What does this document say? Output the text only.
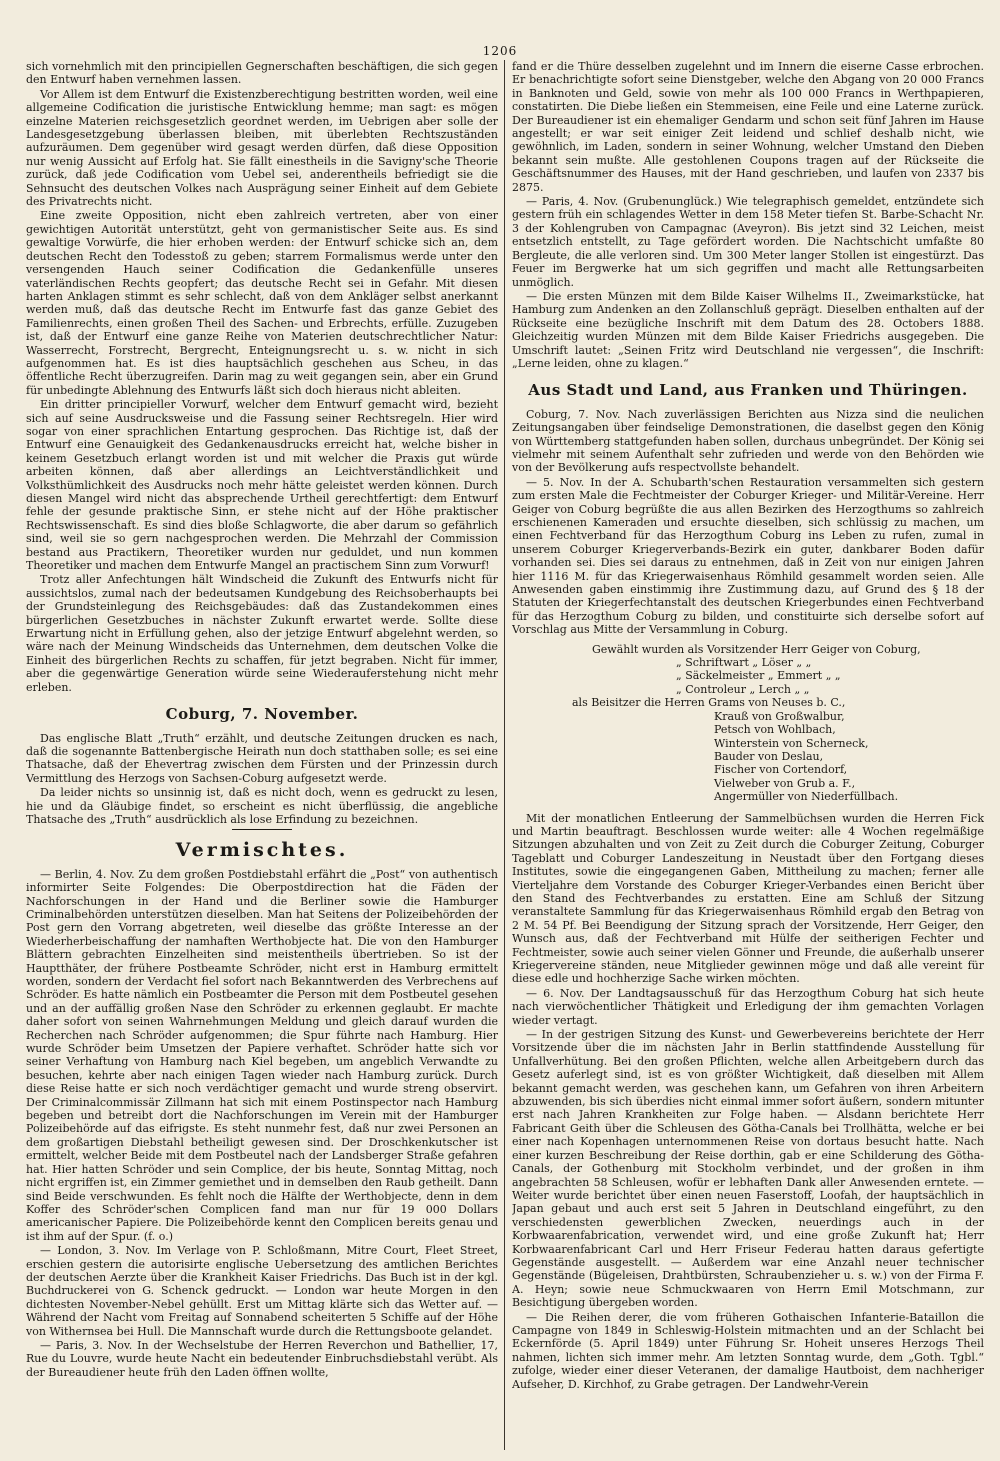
1206

sich vornehmlich mit den principiellen Gegnerschaften beschäftigen, die sich gegen den Entwurf haben vernehmen lassen.

Vor Allem ist dem Entwurf die Existenzberechtigung bestritten worden, weil eine allgemeine Codification die juristische Entwicklung hemme; man sagt: es mögen einzelne Materien reichsgesetzlich geordnet werden, im Uebrigen aber solle der Landesgesetzgebung überlassen bleiben, mit überlebten Rechtszuständen aufzuräumen. Dem gegenüber wird gesagt werden dürfen, daß diese Opposition nur wenig Aussicht auf Erfolg hat. Sie fällt einestheils in die Savigny'sche Theorie zurück, daß jede Codification vom Uebel sei, anderentheils befriedigt sie die Sehnsucht des deutschen Volkes nach Ausprägung seiner Einheit auf dem Gebiete des Privatrechts nicht.

Eine zweite Opposition, nicht eben zahlreich vertreten, aber von einer gewichtigen Autorität unterstützt, geht von germanistischer Seite aus. Es sind gewaltige Vorwürfe, die hier erhoben werden: der Entwurf schicke sich an, dem deutschen Recht den Todesstoß zu geben; starrem Formalismus werde unter den versengenden Hauch seiner Codification die Gedankenfülle unseres vaterländischen Rechts geopfert; das deutsche Recht sei in Gefahr. Mit diesen harten Anklagen stimmt es sehr schlecht, daß von dem Ankläger selbst anerkannt werden muß, daß das deutsche Recht im Entwurfe fast das ganze Gebiet des Familienrechts, einen großen Theil des Sachen- und Erbrechts, erfülle. Zuzugeben ist, daß der Entwurf eine ganze Reihe von Materien deutschrechtlicher Natur: Wasserrecht, Forstrecht, Bergrecht, Enteignungsrecht u. s. w. nicht in sich aufgenommen hat. Es ist dies hauptsächlich geschehen aus Scheu, in das öffentliche Recht überzugreifen. Darin mag zu weit gegangen sein, aber ein Grund für unbedingte Ablehnung des Entwurfs läßt sich doch hieraus nicht ableiten.

Ein dritter principieller Vorwurf, welcher dem Entwurf gemacht wird, bezieht sich auf seine Ausdrucksweise und die Fassung seiner Rechtsregeln. Hier wird sogar von einer sprachlichen Entartung gesprochen. Das Richtige ist, daß der Entwurf eine Genauigkeit des Gedankenausdrucks erreicht hat, welche bisher in keinem Gesetzbuch erlangt worden ist und mit welcher die Praxis gut würde arbeiten können, daß aber allerdings an Leichtverständlichkeit und Volksthümlichkeit des Ausdrucks noch mehr hätte geleistet werden können. Durch diesen Mangel wird nicht das absprechende Urtheil gerechtfertigt: dem Entwurf fehle der gesunde praktische Sinn, er stehe nicht auf der Höhe praktischer Rechtswissenschaft. Es sind dies bloße Schlagworte, die aber darum so gefährlich sind, weil sie so gern nachgesprochen werden. Die Mehrzahl der Commission bestand aus Practikern, Theoretiker wurden nur geduldet, und nun kommen Theoretiker und machen dem Entwurfe Mangel an practischem Sinn zum Vorwurf!

Trotz aller Anfechtungen hält Windscheid die Zukunft des Entwurfs nicht für aussichtslos, zumal nach der bedeutsamen Kundgebung des Reichsoberhaupts bei der Grundsteinlegung des Reichsgebäudes: daß das Zustandekommen eines bürgerlichen Gesetzbuches in nächster Zukunft erwartet werde. Sollte diese Erwartung nicht in Erfüllung gehen, also der jetzige Entwurf abgelehnt werden, so wäre nach der Meinung Windscheids das Unternehmen, dem deutschen Volke die Einheit des bürgerlichen Rechts zu schaffen, für jetzt begraben. Nicht für immer, aber die gegenwärtige Generation würde seine Wiederauferstehung nicht mehr erleben.

Coburg, 7. November.

Das englische Blatt „Truth“ erzählt, und deutsche Zeitungen drucken es nach, daß die sogenannte Battenbergische Heirath nun doch statthaben solle; es sei eine Thatsache, daß der Ehevertrag zwischen dem Fürsten und der Prinzessin durch Vermittlung des Herzogs von Sachsen-Coburg aufgesetzt werde.

Da leider nichts so unsinnig ist, daß es nicht doch, wenn es gedruckt zu lesen, hie und da Gläubige findet, so erscheint es nicht überflüssig, die angebliche Thatsache des „Truth“ ausdrücklich als lose Erfindung zu bezeichnen.

Vermischtes.

— Berlin, 4. Nov. Zu dem großen Postdiebstahl erfährt die „Post“ von authentisch informirter Seite Folgendes: Die Oberpostdirection hat die Fäden der Nachforschungen in der Hand und die Berliner sowie die Hamburger Criminalbehörden unterstützen dieselben. Man hat Seitens der Polizeibehörden der Post gern den Vorrang abgetreten, weil dieselbe das größte Interesse an der Wiederherbeischaffung der namhaften Werthobjecte hat. Die von den Hamburger Blättern gebrachten Einzelheiten sind meistentheils übertrieben. So ist der Hauptthäter, der frühere Postbeamte Schröder, nicht erst in Hamburg ermittelt worden, sondern der Verdacht fiel sofort nach Bekanntwerden des Verbrechens auf Schröder. Es hatte nämlich ein Postbeamter die Person mit dem Postbeutel gesehen und an der auffällig großen Nase den Schröder zu erkennen geglaubt. Er machte daher sofort von seinen Wahrnehmungen Meldung und gleich darauf wurden die Recherchen nach Schröder aufgenommen; die Spur führte nach Hamburg. Hier wurde Schröder beim Umsetzen der Papiere verhaftet. Schröder hatte sich vor seiner Verhaftung von Hamburg nach Kiel begeben, um angeblich Verwandte zu besuchen, kehrte aber nach einigen Tagen wieder nach Hamburg zurück. Durch diese Reise hatte er sich noch verdächtiger gemacht und wurde streng observirt. Der Criminalcommissär Zillmann hat sich mit einem Postinspector nach Hamburg begeben und betreibt dort die Nachforschungen im Verein mit der Hamburger Polizeibehörde auf das eifrigste. Es steht nunmehr fest, daß nur zwei Personen an dem großartigen Diebstahl betheiligt gewesen sind. Der Droschkenkutscher ist ermittelt, welcher Beide mit dem Postbeutel nach der Landsberger Straße gefahren hat. Hier hatten Schröder und sein Complice, der bis heute, Sonntag Mittag, noch nicht ergriffen ist, ein Zimmer gemiethet und in demselben den Raub getheilt. Dann sind Beide verschwunden. Es fehlt noch die Hälfte der Werthobjecte, denn in dem Koffer des Schröder'schen Complicen fand man nur für 19 000 Dollars americanischer Papiere. Die Polizeibehörde kennt den Complicen bereits genau und ist ihm auf der Spur. (f. o.)

— London, 3. Nov. Im Verlage von P. Schloßmann, Mitre Court, Fleet Street, erschien gestern die autorisirte englische Uebersetzung des amtlichen Berichtes der deutschen Aerzte über die Krankheit Kaiser Friedrichs. Das Buch ist in der kgl. Buchdruckerei von G. Schenck gedruckt. — London war heute Morgen in den dichtesten November-Nebel gehüllt. Erst um Mittag klärte sich das Wetter auf. — Während der Nacht vom Freitag auf Sonnabend scheiterten 5 Schiffe auf der Höhe von Withernsea bei Hull. Die Mannschaft wurde durch die Rettungsboote gelandet.

— Paris, 3. Nov. In der Wechselstube der Herren Reverchon und Bathellier, 17, Rue du Louvre, wurde heute Nacht ein bedeutender Einbruchsdiebstahl verübt. Als der Bureaudiener heute früh den Laden öffnen wollte,

fand er die Thüre desselben zugelehnt und im Innern die eiserne Casse erbrochen. Er benachrichtigte sofort seine Dienstgeber, welche den Abgang von 20 000 Francs in Banknoten und Geld, sowie von mehr als 100 000 Francs in Werthpapieren, constatirten. Die Diebe ließen ein Stemmeisen, eine Feile und eine Laterne zurück. Der Bureaudiener ist ein ehemaliger Gendarm und schon seit fünf Jahren im Hause angestellt; er war seit einiger Zeit leidend und schlief deshalb nicht, wie gewöhnlich, im Laden, sondern in seiner Wohnung, welcher Umstand den Dieben bekannt sein mußte. Alle gestohlenen Coupons tragen auf der Rückseite die Geschäftsnummer des Hauses, mit der Hand geschrieben, und laufen von 2337 bis 2875.

— Paris, 4. Nov. (Grubenunglück.) Wie telegraphisch gemeldet, entzündete sich gestern früh ein schlagendes Wetter in dem 158 Meter tiefen St. Barbe-Schacht Nr. 3 der Kohlengruben von Campagnac (Aveyron). Bis jetzt sind 32 Leichen, meist entsetzlich entstellt, zu Tage gefördert worden. Die Nachtschicht umfaßte 80 Bergleute, die alle verloren sind. Um 300 Meter langer Stollen ist eingestürzt. Das Feuer im Bergwerke hat um sich gegriffen und macht alle Rettungsarbeiten unmöglich.

— Die ersten Münzen mit dem Bilde Kaiser Wilhelms II., Zweimarkstücke, hat Hamburg zum Andenken an den Zollanschluß geprägt. Dieselben enthalten auf der Rückseite eine bezügliche Inschrift mit dem Datum des 28. Octobers 1888. Gleichzeitig wurden Münzen mit dem Bilde Kaiser Friedrichs ausgegeben. Die Umschrift lautet: „Seinen Fritz wird Deutschland nie vergessen“, die Inschrift: „Lerne leiden, ohne zu klagen.“

Aus Stadt und Land, aus Franken und Thüringen.

Coburg, 7. Nov. Nach zuverlässigen Berichten aus Nizza sind die neulichen Zeitungsangaben über feindselige Demonstrationen, die daselbst gegen den König von Württemberg stattgefunden haben sollen, durchaus unbegründet. Der König sei vielmehr mit seinem Aufenthalt sehr zufrieden und werde von den Behörden wie von der Bevölkerung aufs respectvollste behandelt.

— 5. Nov. In der A. Schubarth'schen Restauration versammelten sich gestern zum ersten Male die Fechtmeister der Coburger Krieger- und Militär-Vereine. Herr Geiger von Coburg begrüßte die aus allen Bezirken des Herzogthums so zahlreich erschienenen Kameraden und ersuchte dieselben, sich schlüssig zu machen, um einen Fechtverband für das Herzogthum Coburg ins Leben zu rufen, zumal in unserem Coburger Kriegerverbands-Bezirk ein guter, dankbarer Boden dafür vorhanden sei. Dies sei daraus zu entnehmen, daß in Zeit von nur einigen Jahren hier 1116 M. für das Kriegerwaisenhaus Römhild gesammelt worden seien. Alle Anwesenden gaben einstimmig ihre Zustimmung dazu, auf Grund des § 18 der Statuten der Kriegerfechtanstalt des deutschen Kriegerbundes einen Fechtverband für das Herzogthum Coburg zu bilden, und constituirte sich derselbe sofort auf Vorschlag aus Mitte der Versammlung in Coburg.

Gewählt wurden als Vorsitzender Herr Geiger von Coburg,
„ Schriftwart „ Löser „ „
„ Säckelmeister „ Emmert „ „
„ Controleur „ Lerch „ „
als Beisitzer die Herren Grams von Neuses b. C.,
Krauß von Großwalbur,
Petsch von Wohlbach,
Winterstein von Scherneck,
Bauder von Deslau,
Fischer von Cortendorf,
Vielweber von Grub a. F.,
Angermüller von Niederfüllbach.

Mit der monatlichen Entleerung der Sammelbüchsen wurden die Herren Fick und Martin beauftragt. Beschlossen wurde weiter: alle 4 Wochen regelmäßige Sitzungen abzuhalten und von Zeit zu Zeit durch die Coburger Zeitung, Coburger Tageblatt und Coburger Landeszeitung in Neustadt über den Fortgang dieses Institutes, sowie die eingegangenen Gaben, Mittheilung zu machen; ferner alle Vierteljahre dem Vorstande des Coburger Krieger-Verbandes einen Bericht über den Stand des Fechtverbandes zu erstatten. Eine am Schluß der Sitzung veranstaltete Sammlung für das Kriegerwaisenhaus Römhild ergab den Betrag von 2 M. 54 Pf. Bei Beendigung der Sitzung sprach der Vorsitzende, Herr Geiger, den Wunsch aus, daß der Fechtverband mit Hülfe der seitherigen Fechter und Fechtmeister, sowie auch seiner vielen Gönner und Freunde, die außerhalb unserer Kriegervereine ständen, neue Mitglieder gewinnen möge und daß alle vereint für diese edle und hochherzige Sache wirken möchten.

— 6. Nov. Der Landtagsausschuß für das Herzogthum Coburg hat sich heute nach vierwöchentlicher Thätigkeit und Erledigung der ihm gemachten Vorlagen wieder vertagt.

— In der gestrigen Sitzung des Kunst- und Gewerbevereins berichtete der Herr Vorsitzende über die im nächsten Jahr in Berlin stattfindende Ausstellung für Unfallverhütung. Bei den großen Pflichten, welche allen Arbeitgebern durch das Gesetz auferlegt sind, ist es von größter Wichtigkeit, daß dieselben mit Allem bekannt gemacht werden, was geschehen kann, um Gefahren von ihren Arbeitern abzuwenden, bis sich überdies nicht einmal immer sofort äußern, sondern mitunter erst nach Jahren Krankheiten zur Folge haben. — Alsdann berichtete Herr Fabricant Geith über die Schleusen des Götha-Canals bei Trollhätta, welche er bei einer nach Kopenhagen unternommenen Reise von dortaus besucht hatte. Nach einer kurzen Beschreibung der Reise dorthin, gab er eine Schilderung des Götha-Canals, der Gothenburg mit Stockholm verbindet, und der großen in ihm angebrachten 58 Schleusen, wofür er lebhaften Dank aller Anwesenden erntete. — Weiter wurde berichtet über einen neuen Faserstoff, Loofah, der hauptsächlich in Japan gebaut und auch erst seit 5 Jahren in Deutschland eingeführt, zu den verschiedensten gewerblichen Zwecken, neuerdings auch in der Korbwaarenfabrication, verwendet wird, und eine große Zukunft hat; Herr Korbwaarenfabricant Carl und Herr Friseur Federau hatten daraus gefertigte Gegenstände ausgestellt. — Außerdem war eine Anzahl neuer technischer Gegenstände (Bügeleisen, Drahtbürsten, Schraubenzieher u. s. w.) von der Firma F. A. Heyn; sowie neue Schmuckwaaren von Herrn Emil Motschmann, zur Besichtigung übergeben worden.

— Die Reihen derer, die vom früheren Gothaischen Infanterie-Bataillon die Campagne von 1849 in Schleswig-Holstein mitmachten und an der Schlacht bei Eckernförde (5. April 1849) unter Führung Sr. Hoheit unseres Herzogs Theil nahmen, lichten sich immer mehr. Am letzten Sonntag wurde, dem „Goth. Tgbl.“ zufolge, wieder einer dieser Veteranen, der damalige Hautboist, dem nachheriger Aufseher, D. Kirchhof, zu Grabe getragen. Der Landwehr-Verein
